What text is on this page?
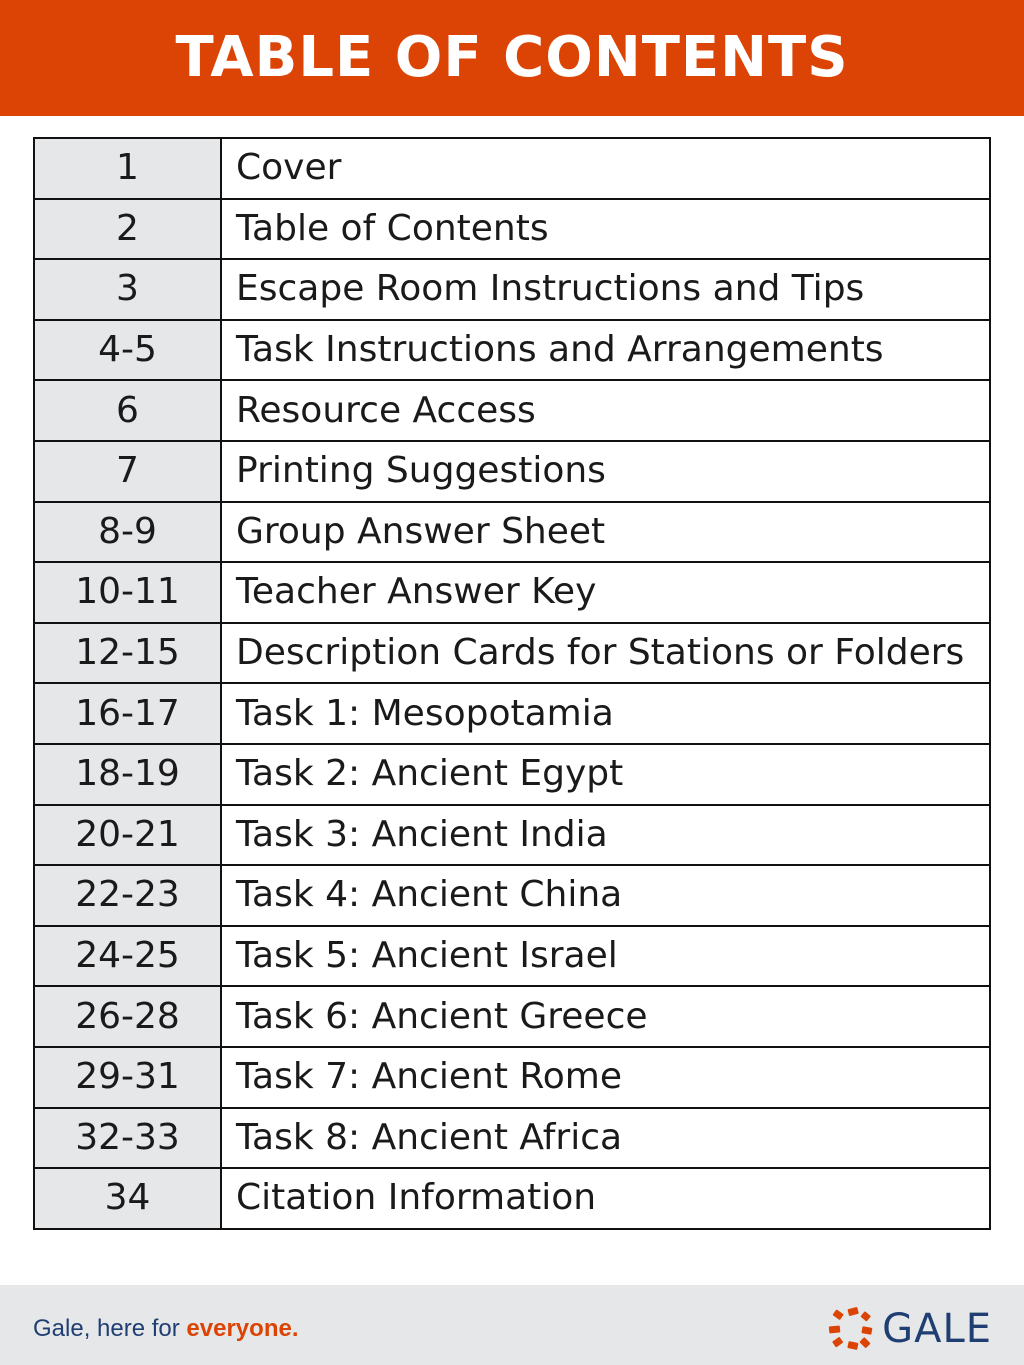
TABLE OF CONTENTS
1	Cover
2	Table of Contents
3	Escape Room Instructions and Tips
4-5	Task Instructions and Arrangements
6	Resource Access
7	Printing Suggestions
8-9	Group Answer Sheet
10-11	Teacher Answer Key
12-15	Description Cards for Stations or Folders
16-17	Task 1: Mesopotamia
18-19	Task 2: Ancient Egypt
20-21	Task 3: Ancient India
22-23	Task 4: Ancient China
24-25	Task 5: Ancient Israel
26-28	Task 6: Ancient Greece
29-31	Task 7: Ancient Rome
32-33	Task 8: Ancient Africa
34	Citation Information
Gale, here for everyone.	GALE
